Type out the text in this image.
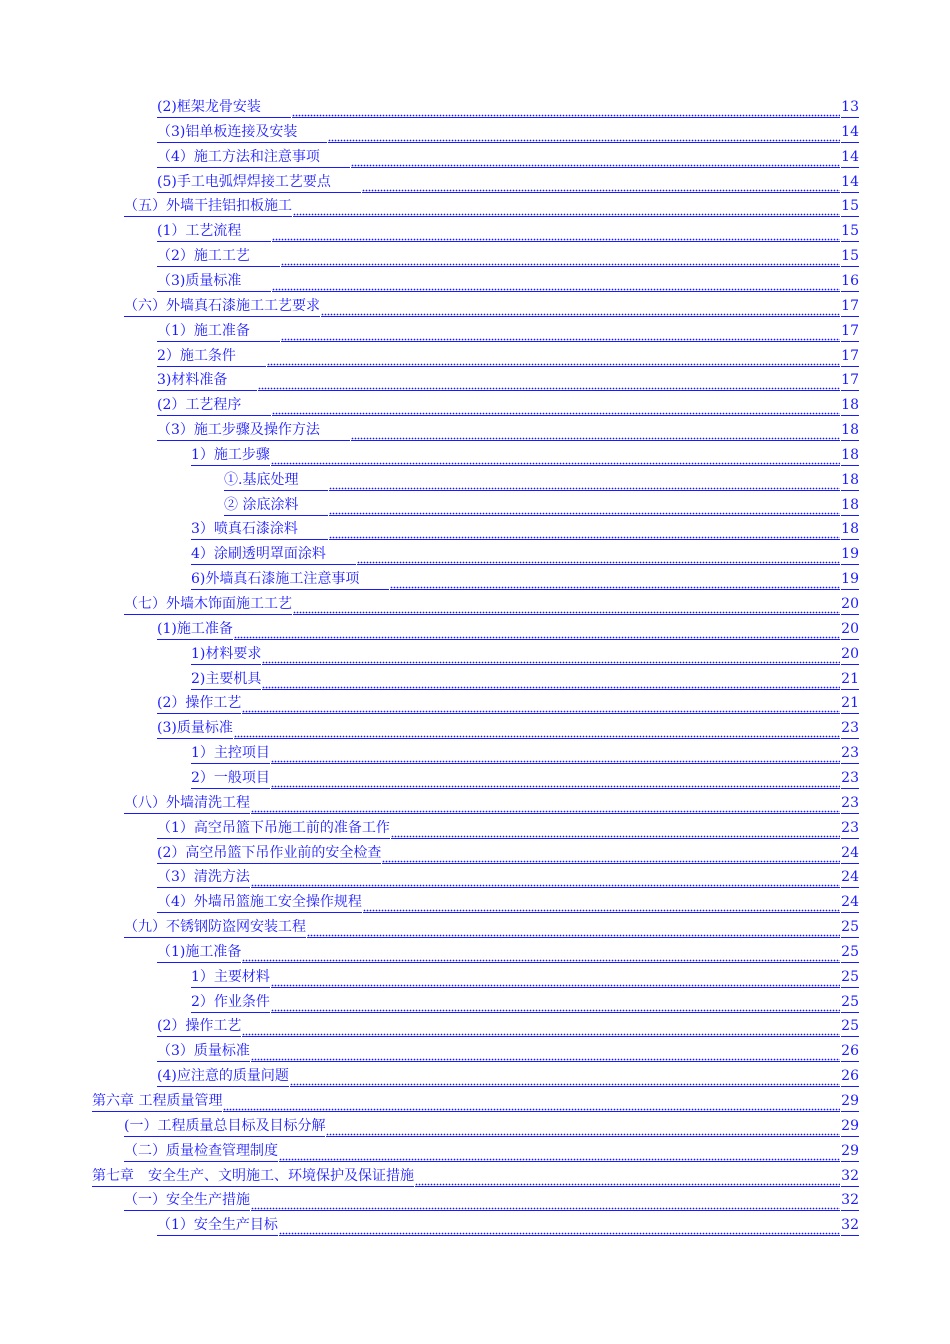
(2)框架龙骨安装	13
（3)铝单板连接及安装	14
（4）施工方法和注意事项	14
(5)手工电弧焊焊接工艺要点	14
（五）外墙干挂铝扣板施工	15
(1）工艺流程	15
（2）施工工艺	15
（3)质量标准	16
（六）外墙真石漆施工工艺要求	17
（1）施工准备	17
2）施工条件	17
3)材料准备	17
(2）工艺程序	18
（3）施工步骤及操作方法	18
1）施工步骤	18
①.基底处理	18
② 涂底涂料	18
3）喷真石漆涂料	18
4）涂刷透明罩面涂料	19
6)外墙真石漆施工注意事项	19
（七）外墙木饰面施工工艺	20
(1)施工准备	20
1)材料要求	20
2)主要机具	21
(2）操作工艺	21
(3)质量标准	23
1）主控项目	23
2）一般项目	23
（八）外墙清洗工程	23
（1）高空吊篮下吊施工前的准备工作	23
(2）高空吊篮下吊作业前的安全检查	24
（3）清洗方法	24
（4）外墙吊篮施工安全操作规程	24
（九）不锈钢防盗网安装工程	25
（1)施工准备	25
1）主要材料	25
2）作业条件	25
(2）操作工艺	25
（3）质量标准	26
(4)应注意的质量问题	26
第六章 工程质量管理	29
(一）工程质量总目标及目标分解	29
（二）质量检查管理制度	29
第七章　安全生产、文明施工、环境保护及保证措施	32
（一）安全生产措施	32
（1）安全生产目标	32
